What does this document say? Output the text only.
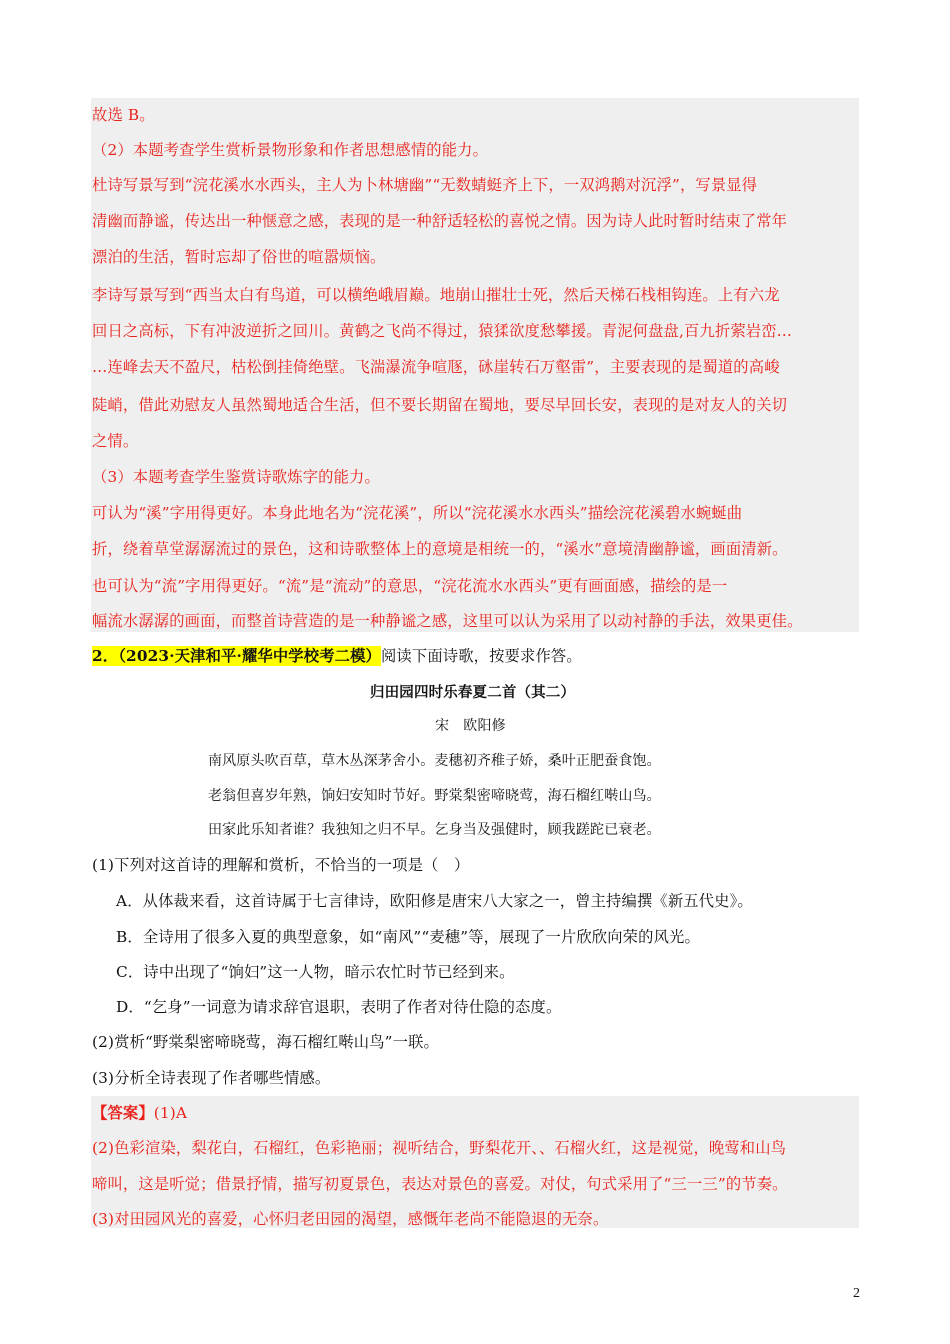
故选 B。
（2）本题考查学生赏析景物形象和作者思想感情的能力。
杜诗写景写到“浣花溪水水西头，主人为卜林塘幽”“无数蜻蜓齐上下，一双鸿鹅对沉浮”，写景显得
清幽而静谧，传达出一种惬意之感，表现的是一种舒适轻松的喜悦之情。因为诗人此时暂时结束了常年
漂泊的生活，暂时忘却了俗世的喧嚣烦恼。
李诗写景写到“西当太白有鸟道，可以横绝峨眉巅。地崩山摧壮士死，然后天梯石栈相钩连。上有六龙
回日之高标，下有冲波逆折之回川。黄鹤之飞尚不得过，猿猱欲度愁攀援。青泥何盘盘,百九折萦岩峦…
…连峰去天不盈尺，枯松倒挂倚绝壁。飞湍瀑流争喧豗，砯崖转石万壑雷”，主要表现的是蜀道的高峻
陡峭，借此劝慰友人虽然蜀地适合生活，但不要长期留在蜀地，要尽早回长安，表现的是对友人的关切
之情。
（3）本题考查学生鉴赏诗歌炼字的能力。
可认为“溪”字用得更好。本身此地名为“浣花溪”，所以“浣花溪水水西头”描绘浣花溪碧水蜿蜒曲
折，绕着草堂潺潺流过的景色，这和诗歌整体上的意境是相统一的，“溪水”意境清幽静谧，画面清新。
也可认为“流”字用得更好。“流”是“流动”的意思，“浣花流水水西头”更有画面感，描绘的是一
幅流水潺潺的画面，而整首诗营造的是一种静谧之感，这里可以认为采用了以动衬静的手法，效果更佳。
2．（2023·天津和平·耀华中学校考二模）阅读下面诗歌，按要求作答。
归田园四时乐春夏二首（其二）
宋　欧阳修
南风原头吹百草，草木丛深茅舍小。麦穗初齐稚子娇，桑叶正肥蚕食饱。
老翁但喜岁年熟，饷妇安知时节好。野棠梨密啼晓莺，海石榴红啭山鸟。
田家此乐知者谁？我独知之归不早。乞身当及强健时，顾我蹉跎已衰老。
(1)下列对这首诗的理解和赏析，不恰当的一项是（　）
A．从体裁来看，这首诗属于七言律诗，欧阳修是唐宋八大家之一，曾主持编撰《新五代史》。
B．全诗用了很多入夏的典型意象，如“南风”“麦穗”等，展现了一片欣欣向荣的风光。
C．诗中出现了“饷妇”这一人物，暗示农忙时节已经到来。
D．“乞身”一词意为请求辞官退职，表明了作者对待仕隐的态度。
(2)赏析“野棠梨密啼晓莺，海石榴红啭山鸟”一联。
(3)分析全诗表现了作者哪些情感。
【答案】(1)A
(2)色彩渲染，梨花白，石榴红，色彩艳丽；视听结合，野梨花开、、石榴火红，这是视觉，晚莺和山鸟
啼叫，这是听觉；借景抒情，描写初夏景色，表达对景色的喜爱。对仗，句式采用了“三一三”的节奏。
(3)对田园风光的喜爱，心怀归老田园的渴望，感慨年老尚不能隐退的无奈。
2
